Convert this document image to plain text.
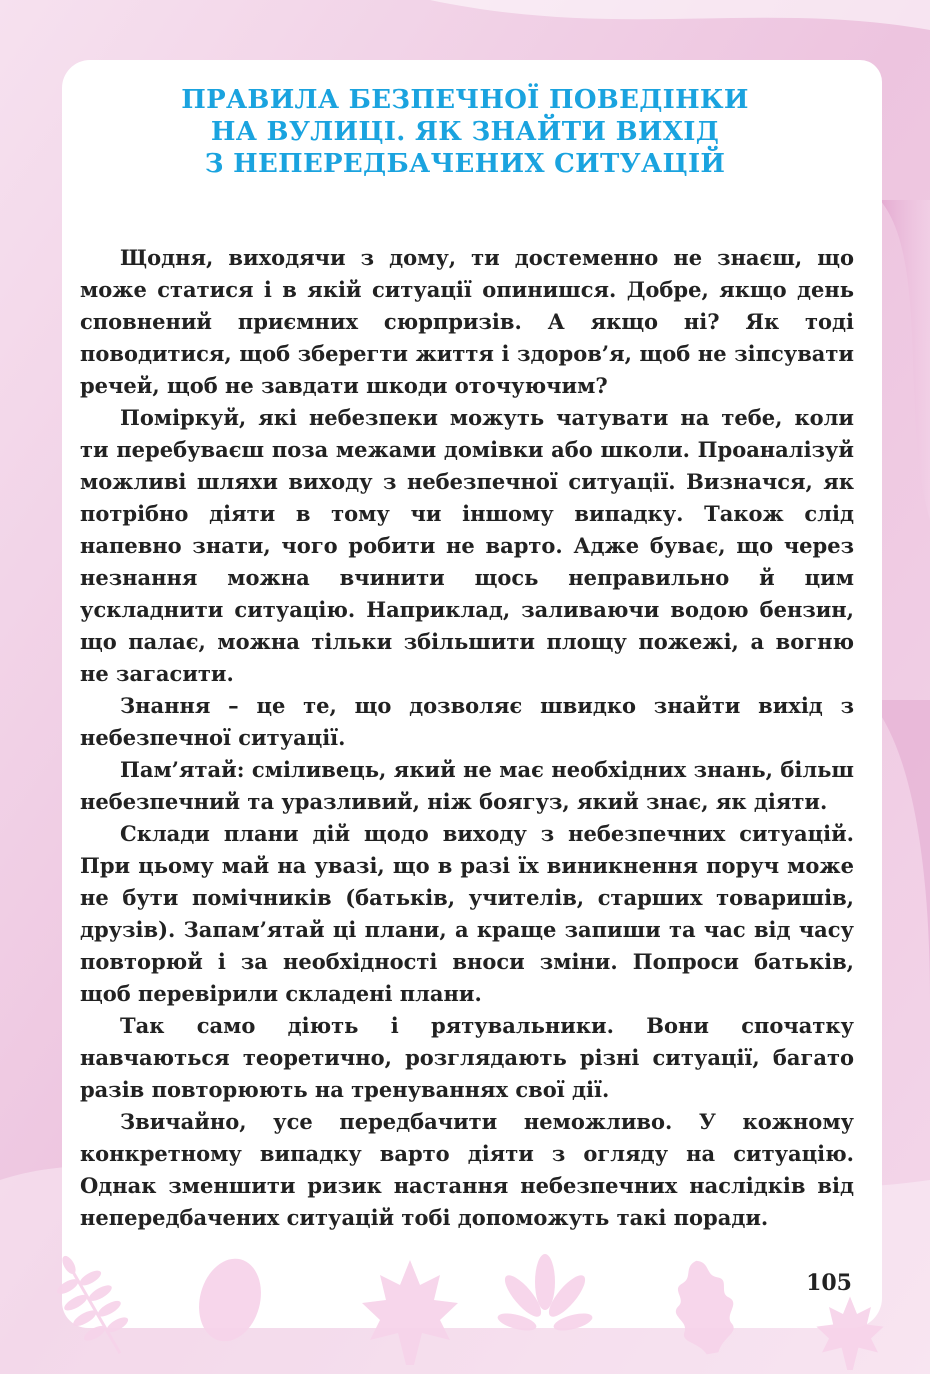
ПРАВИЛА БЕЗПЕЧНОЇ ПОВЕДІНКИ
НА ВУЛИЦІ. ЯК ЗНАЙТИ ВИХІД
З НЕПЕРЕДБАЧЕНИХ СИТУАЦІЙ

Щодня, виходячи з дому, ти достеменно не знаєш, що може статися і в якій ситуації опинишся. Добре, якщо день сповнений приємних сюрпризів. А якщо ні? Як тоді поводитися, щоб зберегти життя і здоров’я, щоб не зіпсувати речей, щоб не завдати шкоди оточуючим?

Поміркуй, які небезпеки можуть чатувати на тебе, коли ти перебуваєш поза межами домівки або школи. Проаналізуй можливі шляхи виходу з небезпечної ситуації. Визначся, як потрібно діяти в тому чи іншому випадку. Також слід напевно знати, чого робити не варто. Адже буває, що через незнання можна вчинити щось неправильно й цим ускладнити ситуацію. Наприклад, заливаючи водою бензин, що палає, можна тільки збільшити площу пожежі, а вогню не загасити.

Знання – це те, що дозволяє швидко знайти вихід з небезпечної ситуації.

Пам’ятай: сміливець, який не має необхідних знань, більш небезпечний та уразливий, ніж боягуз, який знає, як діяти.

Склади плани дій щодо виходу з небезпечних ситуацій. При цьому май на увазі, що в разі їх виникнення поруч може не бути помічників (батьків, учителів, старших товаришів, друзів). Запам’ятай ці плани, а краще запиши та час від часу повторюй і за необхідності вноси зміни. Попроси батьків, щоб перевірили складені плани.

Так само діють і рятувальники. Вони спочатку навчаються теоретично, розглядають різні ситуації, багато разів повторюють на тренуваннях свої дії.

Звичайно, усе передбачити неможливо. У кожному конкретному випадку варто діяти з огляду на ситуацію. Однак зменшити ризик настання небезпечних наслідків від непередбачених ситуацій тобі допоможуть такі поради.

105
